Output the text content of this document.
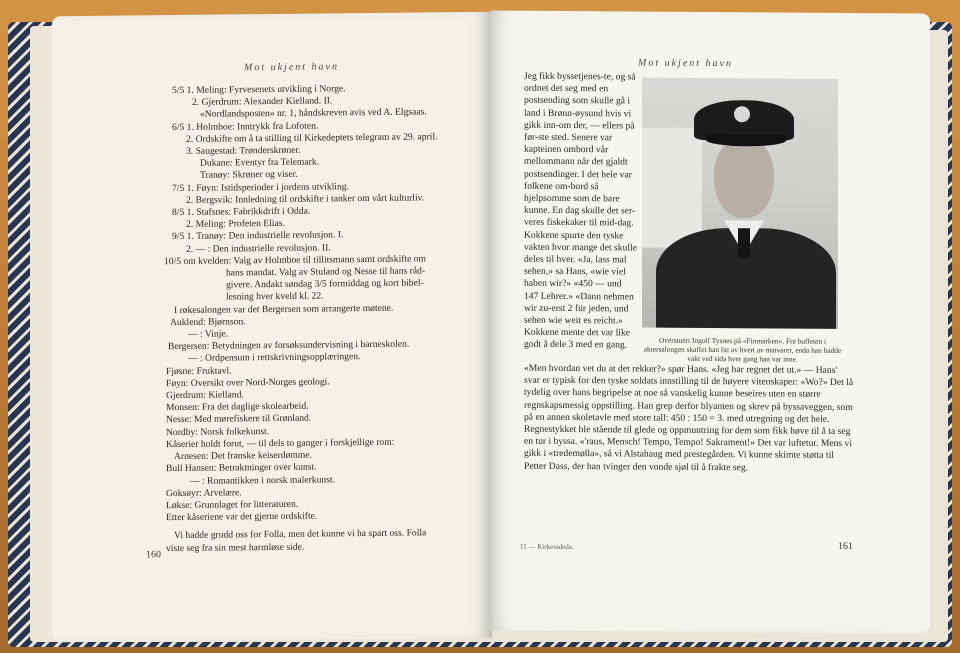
Mot ukjent havn
5/5 1. Meling: Fyrvesenets utvikling i Norge.
2. Gjerdrum: Alexander Kielland. II.
«Nordlandsposten» nr. 1, håndskreven avis ved A. Elgsaas.
6/5 1. Holmboe: Inntrykk fra Lofoten.
2. Ordskifte om å ta stilling til Kirkedeptets telegram av 29. april.
3. Saugestad: Trønderskrøner.
Dukane: Eventyr fra Telemark.
Tranøy: Skrøner og viser.
7/5 1. Føyn: Istidsperioder i jordens utvikling.
2. Bergsvik: Innledning til ordskifte i tanker om vårt kulturliv.
8/5 1. Stafsnes: Fabrikkdrift i Odda.
2. Meling: Profeten Elias.
9/5 1. Tranøy: Den industrielle revolusjon. I.
2. — : Den industrielle revolusjon. II.
10/5 om kvelden: Valg av Holmboe til tillitsmann samt ordskifte om
hans mandat. Valg av Stuland og Nesse til hans råd-
givere. Andakt søndag 3/5 formiddag og kort bibel-
lesning hver kveld kl. 22.
I røkesalongen var det Bergersen som arrangerte møtene.
Auklend: Bjørnson.
— : Vinje.
Bergersen: Betydningen av forsøksundervisning i barneskolen.
— : Ordpensum i rettskrivningsopplæringen.
Fjøsne: Fruktavl.
Føyn: Oversikt over Nord-Norges geologi.
Gjerdrum: Kielland.
Monsen: Fra det daglige skolearbeid.
Nesse: Med mørefiskere til Grønland.
Nordby: Norsk folkekunst.
Kåserier holdt forut, — til dels to ganger i forskjellige rom:
Arnesen: Det franske keiserdømme.
Bull Hansen: Betraktninger over kunst.
— : Romantikken i norsk malerkunst.
Goksøyr: Arvelære.
Løkse: Grunnlaget for litteraturen.
Etter kåseriene var det gjerne ordskifte.
Vi hadde grudd oss for Folla, men det kunne vi ha spart oss. Folla
viste seg fra sin mest harmløse side.
160
Mot ukjent havn
Jeg fikk byssetjenes-te, og så ordnet det seg med en postsending som skulle gå i land i Brønn-øysund hvis vi gikk inn-om der, — ellers på før-ste sted. Senere var kapteinen ombord vår mellommann når det gjaldt postsendinger. I det hele var folkene om-bord så hjelpsomme som de bare kunne. En dag skulle det ser-veres fiskekaker til mid-dag. Kokkene spurte den tyske vakten hvor mange det skulle deles til hver. «Ja, lass mal sehen,» sa Hans, «wie viel haben wir?» «450 — und 147 Lehrer.» «Dann nehmen wir zu-erst 2 für jeden, und sehen wie weit es reicht.» Kokkene mente det var like godt å dele 3 med en gang.	Overstuert Ingolf Tysnes på «Finmarken». Fra buffeten i aktersalongen skaffet han litt av hvert av matvarer, enda han hadde vakt ved sida hver gang han var inne.
«Men hvordan vet du at det rekker?» spør Hans. «Jeg har regnet det ut.» — Hans' svar er typisk for den tyske soldats innstilling til de høyere vitenskaper: «Wo?» Det lå tydelig over hans begripelse at noe så vanskelig kunne beseires uten en større regnskapsmessig oppstilling. Han grep derfor blyanten og skrev på byssaveggen, som på en annen skoletavle med store tall: 450 : 150 = 3. med utregning og det hele. Regnestykket ble stående til glede og oppmuntring for dem som fikk høve til å ta seg en tur i byssa. «'raus, Mensch! Tempo, Tempo! Sakrament!» Det var luftetur. Mens vi gikk i «tredemølla», så vi Alstahaug med prestegården. Vi kunne skimte støtta til Petter Dass, der han tvinger den vonde sjøl til å frakte seg.
11 — Kirkessdeda.	161
